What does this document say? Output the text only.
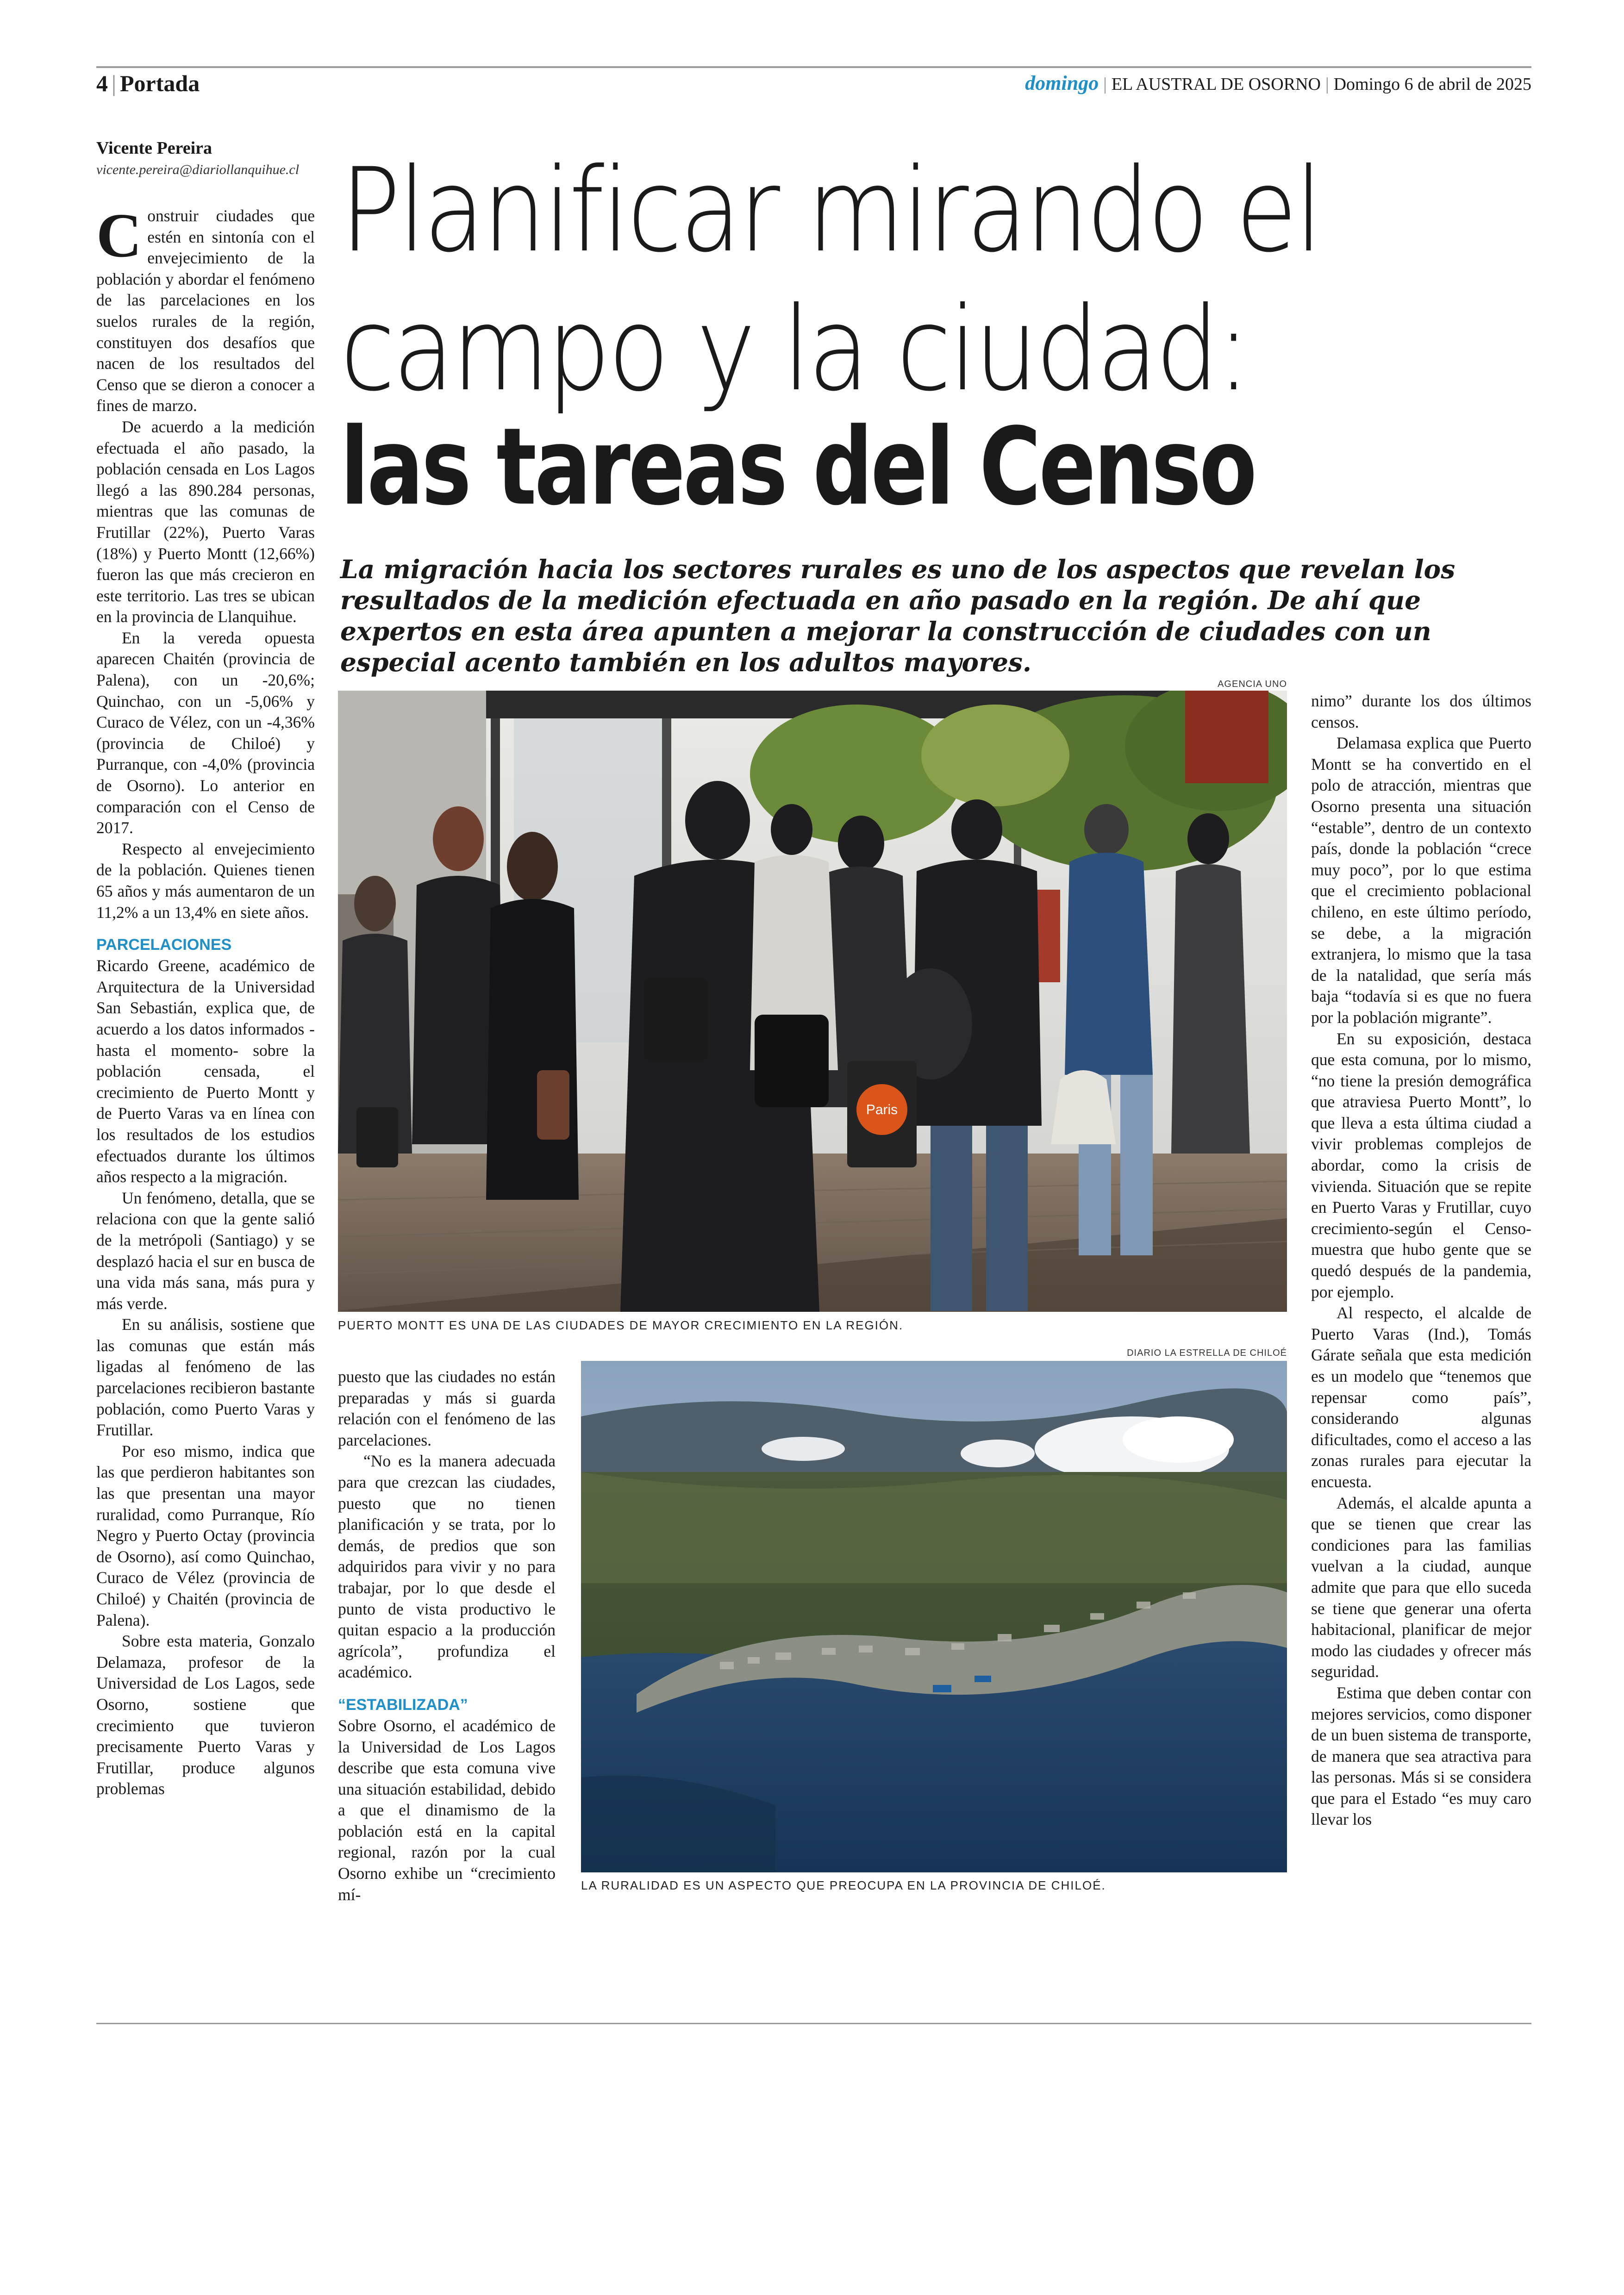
4 | Portada	domingo | EL AUSTRAL DE OSORNO | Domingo 6 de abril de 2025
Vicente Pereira
vicente.pereira@diariollanquihue.cl Planificar mirando el
campo y la ciudad:
las tareas del Censo
La migración hacia los sectores rurales es uno de los aspectos que revelan los resultados de la medición efectuada en año pasado en la región. De ahí que expertos en esta área apunten a mejorar la construcción de ciudades con un especial acento también en los adultos mayores.

Construir ciudades que estén en sintonía con el envejecimiento de la población y abordar el fenómeno de las parcelaciones en los suelos rurales de la región, constituyen dos desafíos que nacen de los resultados del Censo que se dieron a conocer a fines de marzo.

De acuerdo a la medición efectuada el año pasado, la población censada en Los Lagos llegó a las 890.284 personas, mientras que las comunas de Frutillar (22%), Puerto Varas (18%) y Puerto Montt (12,66%) fueron las que más crecieron en este territorio. Las tres se ubican en la provincia de Llanquihue.

En la vereda opuesta aparecen Chaitén (provincia de Palena), con un -20,6%; Quinchao, con un -5,06% y Curaco de Vélez, con un -4,36% (provincia de Chiloé) y Purranque, con -4,0% (provincia de Osorno). Lo anterior en comparación con el Censo de 2017.

Respecto al envejecimiento de la población. Quienes tienen 65 años y más aumentaron de un 11,2% a un 13,4% en siete años.

PARCELACIONES

Ricardo Greene, académico de Arquitectura de la Universidad San Sebastián, explica que, de acuerdo a los datos informados -hasta el momento- sobre la población censada, el crecimiento de Puerto Montt y de Puerto Varas va en línea con los resultados de los estudios efectuados durante los últimos años respecto a la migración.

Un fenómeno, detalla, que se relaciona con que la gente salió de la metrópoli (Santiago) y se desplazó hacia el sur en busca de una vida más sana, más pura y más verde.

En su análisis, sostiene que las comunas que están más ligadas al fenómeno de las parcelaciones recibieron bastante población, como Puerto Varas y Frutillar.

Por eso mismo, indica que las que perdieron habitantes son las que presentan una mayor ruralidad, como Purranque, Río Negro y Puerto Octay (provincia de Osorno), así como Quinchao, Curaco de Vélez (provincia de Chiloé) y Chaitén (provincia de Palena).

Sobre esta materia, Gonzalo Delamaza, profesor de la Universidad de Los Lagos, sede Osorno, sostiene que crecimiento que tuvieron precisamente Puerto Varas y Frutillar, produce algunos problemas

AGENCIA UNO
Paris
PUERTO MONTT ES UNA DE LAS CIUDADES DE MAYOR CRECIMIENTO EN LA REGIÓN.

puesto que las ciudades no están preparadas y más si guarda relación con el fenómeno de las parcelaciones.

“No es la manera adecuada para que crezcan las ciudades, puesto que no tienen planificación y se trata, por lo demás, de predios que son adquiridos para vivir y no para trabajar, por lo que desde el punto de vista productivo le quitan espacio a la producción agrícola”, profundiza el académico.

“ESTABILIZADA”

Sobre Osorno, el académico de la Universidad de Los Lagos describe que esta comuna vive una situación estabilidad, debido a que el dinamismo de la población está en la capital regional, razón por la cual Osorno exhibe un “crecimiento mí-

DIARIO LA ESTRELLA DE CHILOÉ
LA RURALIDAD ES UN ASPECTO QUE PREOCUPA EN LA PROVINCIA DE CHILOÉ.

nimo” durante los dos últimos censos.

Delamasa explica que Puerto Montt se ha convertido en el polo de atracción, mientras que Osorno presenta una situación “estable”, dentro de un contexto país, donde la población “crece muy poco”, por lo que estima que el crecimiento poblacional chileno, en este último período, se debe, a la migración extranjera, lo mismo que la tasa de la natalidad, que sería más baja “todavía si es que no fuera por la población migrante”.

En su exposición, destaca que esta comuna, por lo mismo, “no tiene la presión demográfica que atraviesa Puerto Montt”, lo que lleva a esta última ciudad a vivir problemas complejos de abordar, como la crisis de vivienda. Situación que se repite en Puerto Varas y Frutillar, cuyo crecimiento-según el Censo- muestra que hubo gente que se quedó después de la pandemia, por ejemplo.

Al respecto, el alcalde de Puerto Varas (Ind.), Tomás Gárate señala que esta medición es un modelo que “tenemos que repensar como país”, considerando algunas dificultades, como el acceso a las zonas rurales para ejecutar la encuesta.

Además, el alcalde apunta a que se tienen que crear las condiciones para las familias vuelvan a la ciudad, aunque admite que para que ello suceda se tiene que generar una oferta habitacional, planificar de mejor modo las ciudades y ofrecer más seguridad.

Estima que deben contar con mejores servicios, como disponer de un buen sistema de transporte, de manera que sea atractiva para las personas. Más si se considera que para el Estado “es muy caro llevar los
